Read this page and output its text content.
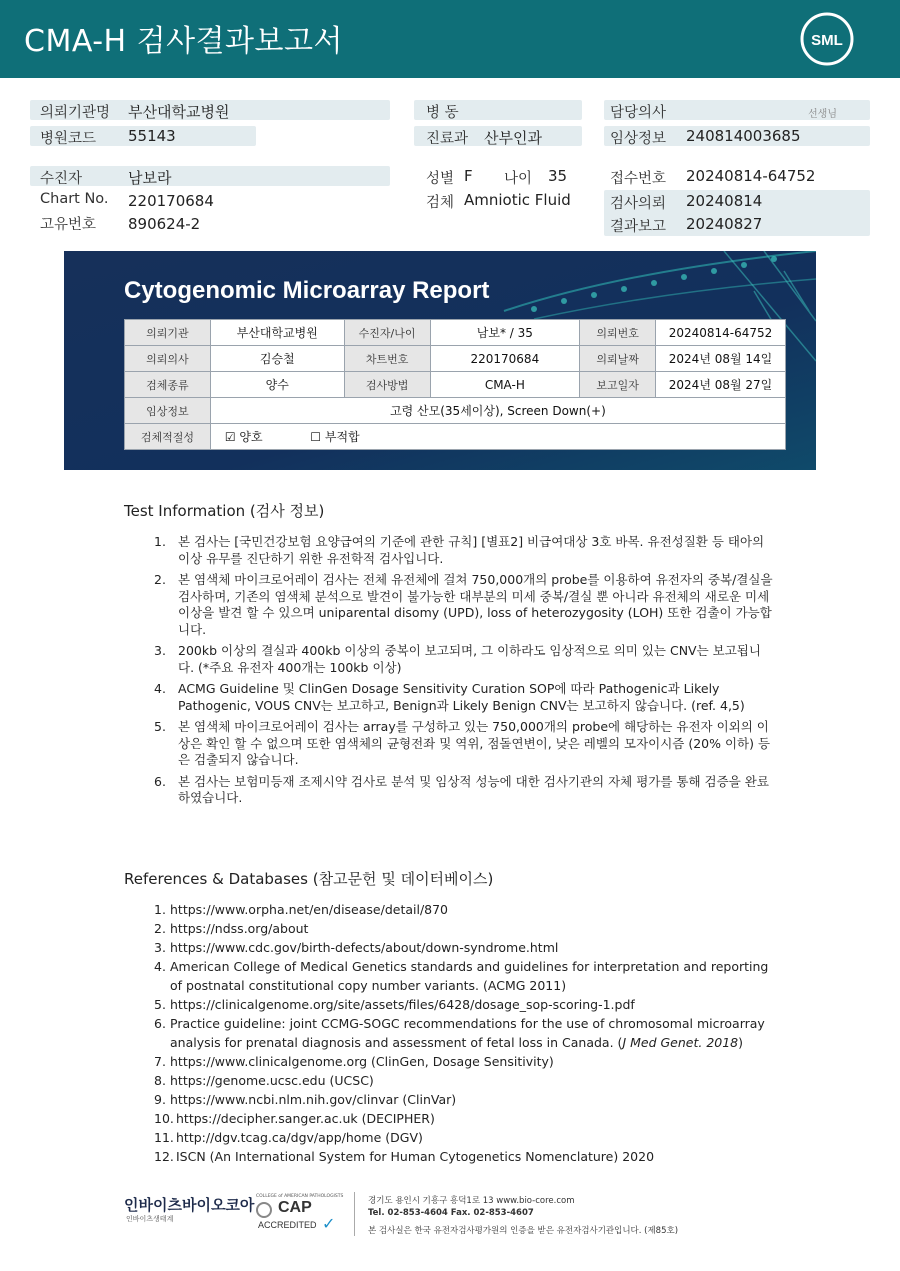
CMA-H 검사결과보고서	SML
의뢰기관명 부산대학교병원	병 동	담당의사	선생님
병원코드 55143	진료과 산부인과	임상정보 240814003685
수진자	남보라	성별 F 나이 35	접수번호 20240814-64752
Chart No. 220170684	검체 Amniotic Fluid	검사의뢰 20240814
고유번호 890624-2	결과보고 20240827
Cytogenomic Microarray Report
의뢰기관	부산대학교병원	수진자/나이	남보* / 35	의뢰번호	20240814-64752
의뢰의사	김승철	차트번호	220170684	의뢰날짜	2024년 08월 14일
검체종류	양수	검사방법	CMA-H	보고일자	2024년 08월 27일
임상정보	고령 산모(35세이상), Screen Down(+)				
검체적절성	☑ 양호 ☐ 부적합				
Test Information (검사 정보)
1. 본 검사는 [국민건강보험 요양급여의 기준에 관한 규칙] [별표2] 비급여대상 3호 바목. 유전성질환 등 태아의 이상 유무를 진단하기 위한 유전학적 검사입니다.
2. 본 염색체 마이크로어레이 검사는 전체 유전체에 걸쳐 750,000개의 probe를 이용하여 유전자의 중복/결실을 검사하며, 기존의 염색체 분석으로 발견이 불가능한 대부분의 미세 중복/결실 뿐 아니라 유전체의 새로운 미세이상을 발견 할 수 있으며 uniparental disomy (UPD), loss of heterozygosity (LOH) 또한 검출이 가능합니다.
3. 200kb 이상의 결실과 400kb 이상의 중복이 보고되며, 그 이하라도 임상적으로 의미 있는 CNV는 보고됩니다. (*주요 유전자 400개는 100kb 이상)
4. ACMG Guideline 및 ClinGen Dosage Sensitivity Curation SOP에 따라 Pathogenic과 Likely Pathogenic, VOUS CNV는 보고하고, Benign과 Likely Benign CNV는 보고하지 않습니다. (ref. 4,5)
5. 본 염색체 마이크로어레이 검사는 array를 구성하고 있는 750,000개의 probe에 해당하는 유전자 이외의 이상은 확인 할 수 없으며 또한 염색체의 균형전좌 및 역위, 점돌연변이, 낮은 레벨의 모자이시즘 (20% 이하) 등은 검출되지 않습니다.
6. 본 검사는 보험미등재 조제시약 검사로 분석 및 임상적 성능에 대한 검사기관의 자체 평가를 통해 검증을 완료하였습니다.
References & Databases (참고문헌 및 데이터베이스)
1. https://www.orpha.net/en/disease/detail/870
2. https://ndss.org/about
3. https://www.cdc.gov/birth-defects/about/down-syndrome.html
4. American College of Medical Genetics standards and guidelines for interpretation and reporting of postnatal constitutional copy number variants. (ACMG 2011)
5. https://clinicalgenome.org/site/assets/files/6428/dosage_sop-scoring-1.pdf
6. Practice guideline: joint CCMG-SOGC recommendations for the use of chromosomal microarray analysis for prenatal diagnosis and assessment of fetal loss in Canada. (J Med Genet. 2018)
7. https://www.clinicalgenome.org (ClinGen, Dosage Sensitivity)
8. https://genome.ucsc.edu (UCSC)
9. https://www.ncbi.nlm.nih.gov/clinvar (ClinVar)
10. https://decipher.sanger.ac.uk (DECIPHER)
11. http://dgv.tcag.ca/dgv/app/home (DGV)
12. ISCN (An International System for Human Cytogenetics Nomenclature) 2020
인바이츠바이오코아
인바이츠생태계
COLLEGE of AMERICAN PATHOLOGISTS
CAP
ACCREDITED ✓
경기도 용인시 기흥구 흥덕1로 13 www.bio-core.com
Tel. 02-853-4604 Fax. 02-853-4607
본 검사실은 한국 유전자검사평가원의 인증을 받은 유전자검사기관입니다. (제85호)
